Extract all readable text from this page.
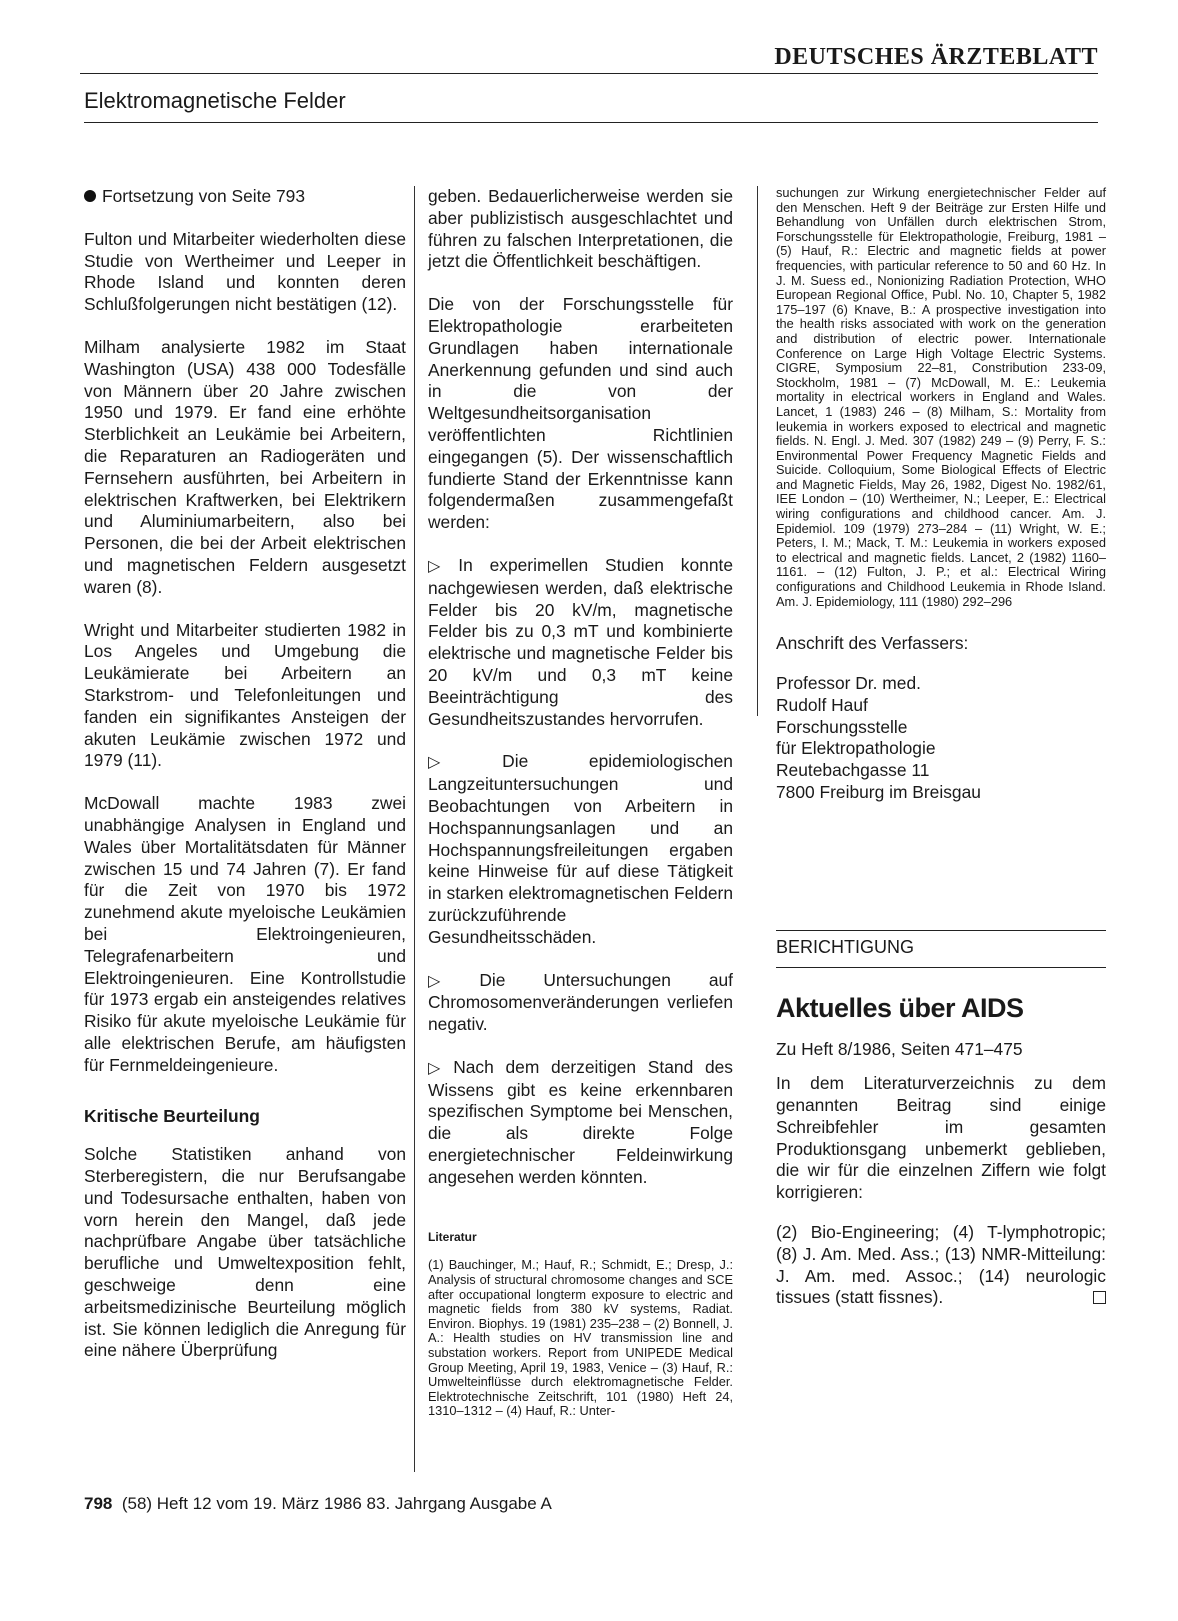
DEUTSCHES ÄRZTEBLATT
Elektromagnetische Felder
Fortsetzung von Seite 793

Fulton und Mitarbeiter wiederholten diese Studie von Wertheimer und Leeper in Rhode Island und konnten deren Schlußfolgerungen nicht bestätigen (12).

Milham analysierte 1982 im Staat Washington (USA) 438 000 Todesfälle von Männern über 20 Jahre zwischen 1950 und 1979. Er fand eine erhöhte Sterblichkeit an Leukämie bei Arbeitern, die Reparaturen an Radiogeräten und Fernsehern ausführten, bei Arbeitern in elektrischen Kraftwerken, bei Elektrikern und Aluminiumarbeitern, also bei Personen, die bei der Arbeit elektrischen und magnetischen Feldern ausgesetzt waren (8).

Wright und Mitarbeiter studierten 1982 in Los Angeles und Umgebung die Leukämierate bei Arbeitern an Starkstrom- und Telefonleitungen und fanden ein signifikantes Ansteigen der akuten Leukämie zwischen 1972 und 1979 (11).

McDowall machte 1983 zwei unabhängige Analysen in England und Wales über Mortalitätsdaten für Männer zwischen 15 und 74 Jahren (7). Er fand für die Zeit von 1970 bis 1972 zunehmend akute myeloische Leukämien bei Elektroingenieuren, Telegrafenarbeitern und Elektroingenieuren. Eine Kontrollstudie für 1973 ergab ein ansteigendes relatives Risiko für akute myeloische Leukämie für alle elektrischen Berufe, am häufigsten für Fernmeldeingenieure.

Kritische Beurteilung

Solche Statistiken anhand von Sterberegistern, die nur Berufsangabe und Todesursache enthalten, haben von vorn herein den Mangel, daß jede nachprüfbare Angabe über tatsächliche berufliche und Umweltexposition fehlt, geschweige denn eine arbeitsmedizinische Beurteilung möglich ist. Sie können lediglich die Anregung für eine nähere Überprüfung

geben. Bedauerlicherweise werden sie aber publizistisch ausgeschlachtet und führen zu falschen Interpretationen, die jetzt die Öffentlichkeit beschäftigen.

Die von der Forschungsstelle für Elektropathologie erarbeiteten Grundlagen haben internationale Anerkennung gefunden und sind auch in die von der Weltgesundheitsorganisation veröffentlichten Richtlinien eingegangen (5). Der wissenschaftlich fundierte Stand der Erkenntnisse kann folgendermaßen zusammengefaßt werden:

▷ In experimellen Studien konnte nachgewiesen werden, daß elektrische Felder bis 20 kV/m, magnetische Felder bis zu 0,3 mT und kombinierte elektrische und magnetische Felder bis 20 kV/m und 0,3 mT keine Beeinträchtigung des Gesundheitszustandes hervorrufen.

▷ Die epidemiologischen Langzeituntersuchungen und Beobachtungen von Arbeitern in Hochspannungsanlagen und an Hochspannungsfreileitungen ergaben keine Hinweise für auf diese Tätigkeit in starken elektromagnetischen Feldern zurückzuführende Gesundheitsschäden.

▷ Die Untersuchungen auf Chromosomenveränderungen verliefen negativ.

▷ Nach dem derzeitigen Stand des Wissens gibt es keine erkennbaren spezifischen Symptome bei Menschen, die als direkte Folge energietechnischer Feldeinwirkung angesehen werden könnten.

Literatur
(1) Bauchinger, M.; Hauf, R.; Schmidt, E.; Dresp, J.: Analysis of structural chromosome changes and SCE after occupational longterm exposure to electric and magnetic fields from 380 kV systems, Radiat. Environ. Biophys. 19 (1981) 235–238 – (2) Bonnell, J. A.: Health studies on HV transmission line and substation workers. Report from UNIPEDE Medical Group Meeting, April 19, 1983, Venice – (3) Hauf, R.: Umwelteinflüsse durch elektromagnetische Felder. Elektrotechnische Zeitschrift, 101 (1980) Heft 24, 1310–1312 – (4) Hauf, R.: Unter-
suchungen zur Wirkung energietechnischer Felder auf den Menschen. Heft 9 der Beiträge zur Ersten Hilfe und Behandlung von Unfällen durch elektrischen Strom, Forschungsstelle für Elektropathologie, Freiburg, 1981 – (5) Hauf, R.: Electric and magnetic fields at power frequencies, with particular reference to 50 and 60 Hz. In J. M. Suess ed., Nonionizing Radiation Protection, WHO European Regional Office, Publ. No. 10, Chapter 5, 1982 175–197 (6) Knave, B.: A prospective investigation into the health risks associated with work on the generation and distribution of electric power. Internationale Conference on Large High Voltage Electric Systems. CIGRE, Symposium 22–81, Constribution 233-09, Stockholm, 1981 – (7) McDowall, M. E.: Leukemia mortality in electrical workers in England and Wales. Lancet, 1 (1983) 246 – (8) Milham, S.: Mortality from leukemia in workers exposed to electrical and magnetic fields. N. Engl. J. Med. 307 (1982) 249 – (9) Perry, F. S.: Environmental Power Frequency Magnetic Fields and Suicide. Colloquium, Some Biological Effects of Electric and Magnetic Fields, May 26, 1982, Digest No. 1982/61, IEE London – (10) Wertheimer, N.; Leeper, E.: Electrical wiring configurations and childhood cancer. Am. J. Epidemiol. 109 (1979) 273–284 – (11) Wright, W. E.; Peters, I. M.; Mack, T. M.: Leukemia in workers exposed to electrical and magnetic fields. Lancet, 2 (1982) 1160–1161. – (12) Fulton, J. P.; et al.: Electrical Wiring configurations and Childhood Leukemia in Rhode Island. Am. J. Epidemiology, 111 (1980) 292–296

Anschrift des Verfassers:

Professor Dr. med.
Rudolf Hauf
Forschungsstelle
für Elektropathologie
Reutebachgasse 11
7800 Freiburg im Breisgau
BERICHTIGUNG
Aktuelles über AIDS

Zu Heft 8/1986, Seiten 471–475

In dem Literaturverzeichnis zu dem genannten Beitrag sind einige Schreibfehler im gesamten Produktionsgang unbemerkt geblieben, die wir für die einzelnen Ziffern wie folgt korrigieren:

(2) Bio-Engineering; (4) T-lymphotropic; (8) J. Am. Med. Ass.; (13) NMR-Mitteilung: J. Am. med. Assoc.; (14) neurologic tissues (statt fissnes).

798 (58) Heft 12 vom 19. März 1986 83. Jahrgang Ausgabe A
